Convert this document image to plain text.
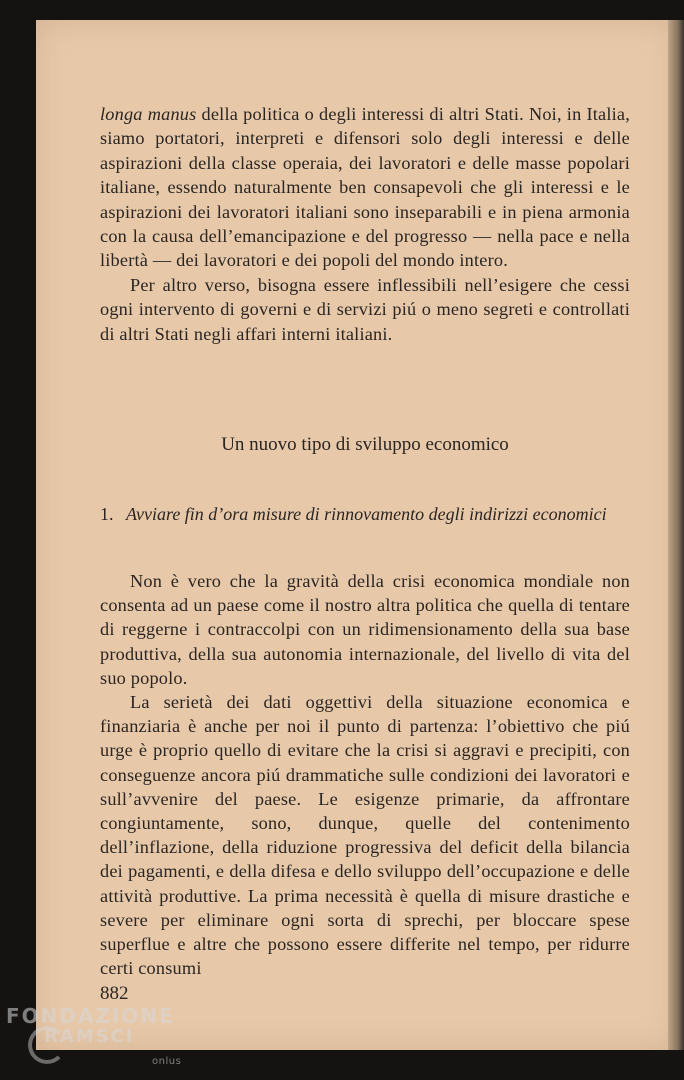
longa manus della politica o degli interessi di altri Stati. Noi, in Italia, siamo portatori, interpreti e difensori solo degli interessi e delle aspirazioni della classe operaia, dei lavoratori e delle masse popolari italiane, essendo naturalmente ben consapevoli che gli interessi e le aspirazioni dei lavoratori italiani sono inseparabili e in piena armonia con la causa dell’emancipazione e del progresso — nella pace e nella libertà — dei lavoratori e dei popoli del mondo intero.

Per altro verso, bisogna essere inflessibili nell’esigere che cessi ogni intervento di governi e di servizi piú o meno segreti e controllati di altri Stati negli affari interni italiani.

Un nuovo tipo di sviluppo economico
1. Avviare fin d’ora misure di rinnovamento degli indirizzi economici

Non è vero che la gravità della crisi economica mondiale non consenta ad un paese come il nostro altra politica che quella di tentare di reggerne i contraccolpi con un ridimensionamento della sua base produttiva, della sua autonomia internazionale, del livello di vita del suo popolo.

La serietà dei dati oggettivi della situazione economica e finanziaria è anche per noi il punto di partenza: l’obiettivo che piú urge è proprio quello di evitare che la crisi si aggravi e precipiti, con conseguenze ancora piú drammatiche sulle condizioni dei lavoratori e sull’avvenire del paese. Le esigenze primarie, da affrontare congiuntamente, sono, dunque, quelle del contenimento dell’inflazione, della riduzione progressiva del deficit della bilancia dei pagamenti, e della difesa e dello sviluppo dell’occupazione e delle attività produttive. La prima necessità è quella di misure drastiche e severe per eliminare ogni sorta di sprechi, per bloccare spese superflue e altre che possono essere differite nel tempo, per ridurre certi consumi

882
FONDAZIONE
RAMSCI
onlus
